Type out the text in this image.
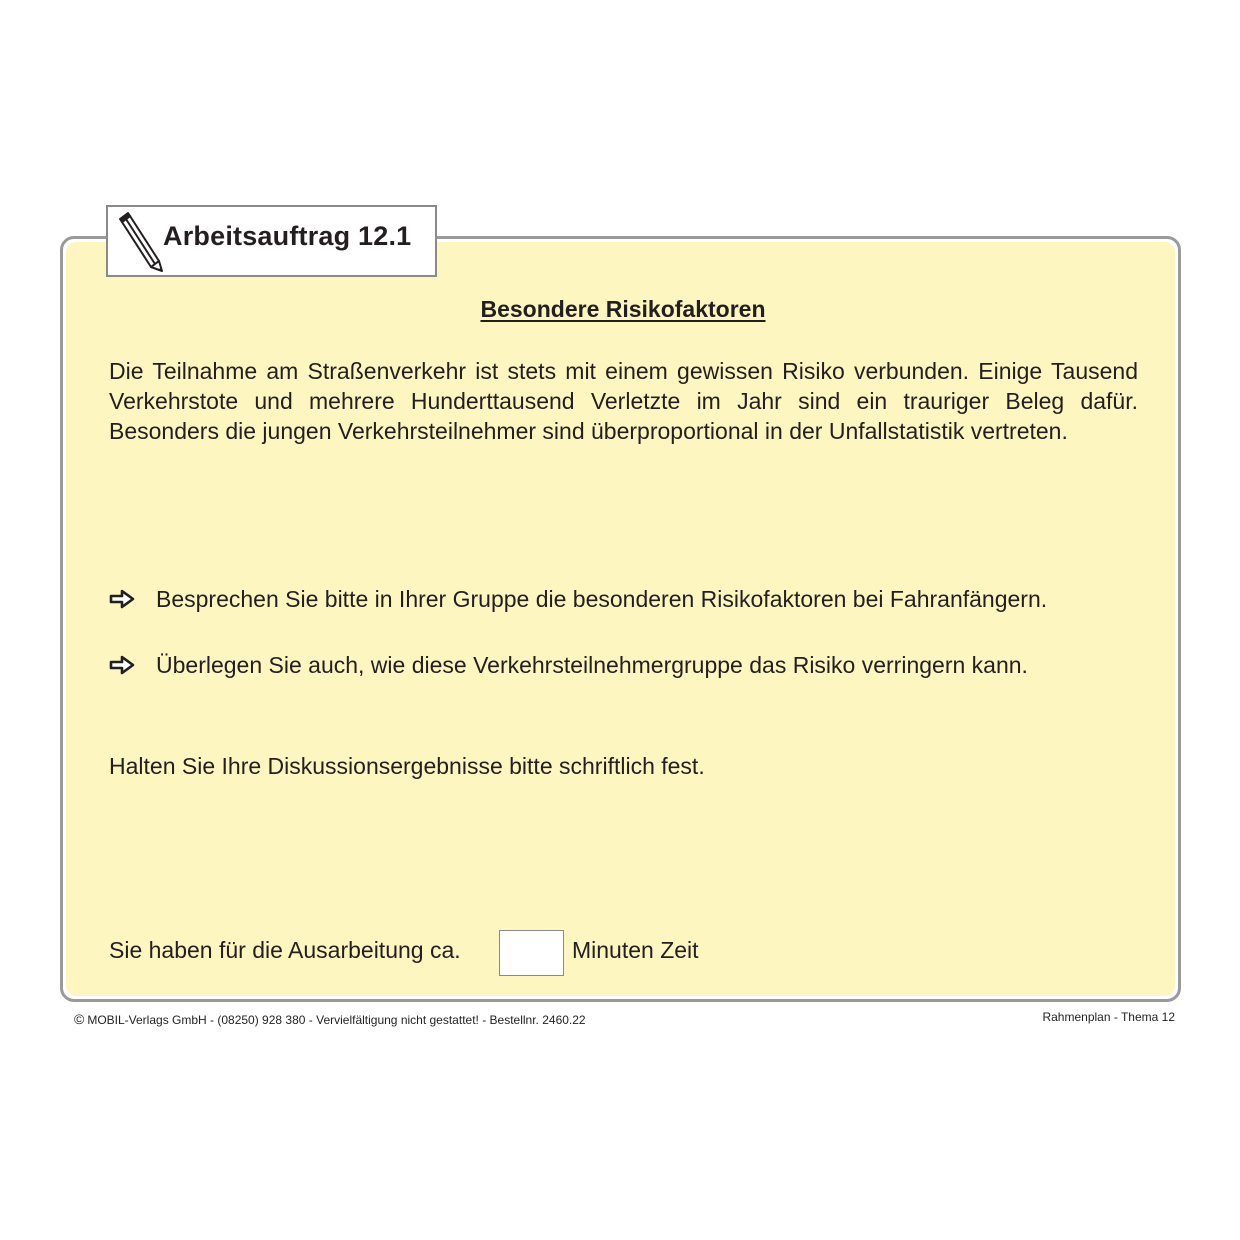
Arbeitsauftrag 12.1
Besondere Risikofaktoren

Die Teilnahme am Straßenverkehr ist stets mit einem gewissen Risiko verbunden. Einige Tausend Verkehrstote und mehrere Hunderttausend Verletzte im Jahr sind ein trauriger Beleg dafür. Besonders die jungen Verkehrsteilnehmer sind überproportional in der Unfallstatistik vertreten.

Besprechen Sie bitte in Ihrer Gruppe die besonderen Risikofaktoren bei Fahranfängern.
Überlegen Sie auch, wie diese Verkehrsteilnehmergruppe das Risiko verringern kann.
Halten Sie Ihre Diskussionsergebnisse bitte schriftlich fest.
Sie haben für die Ausarbeitung ca.	Minuten Zeit
© MOBIL-Verlags GmbH - (08250) 928 380 - Vervielfältigung nicht gestattet! - Bestellnr. 2460.22	Rahmenplan - Thema 12
